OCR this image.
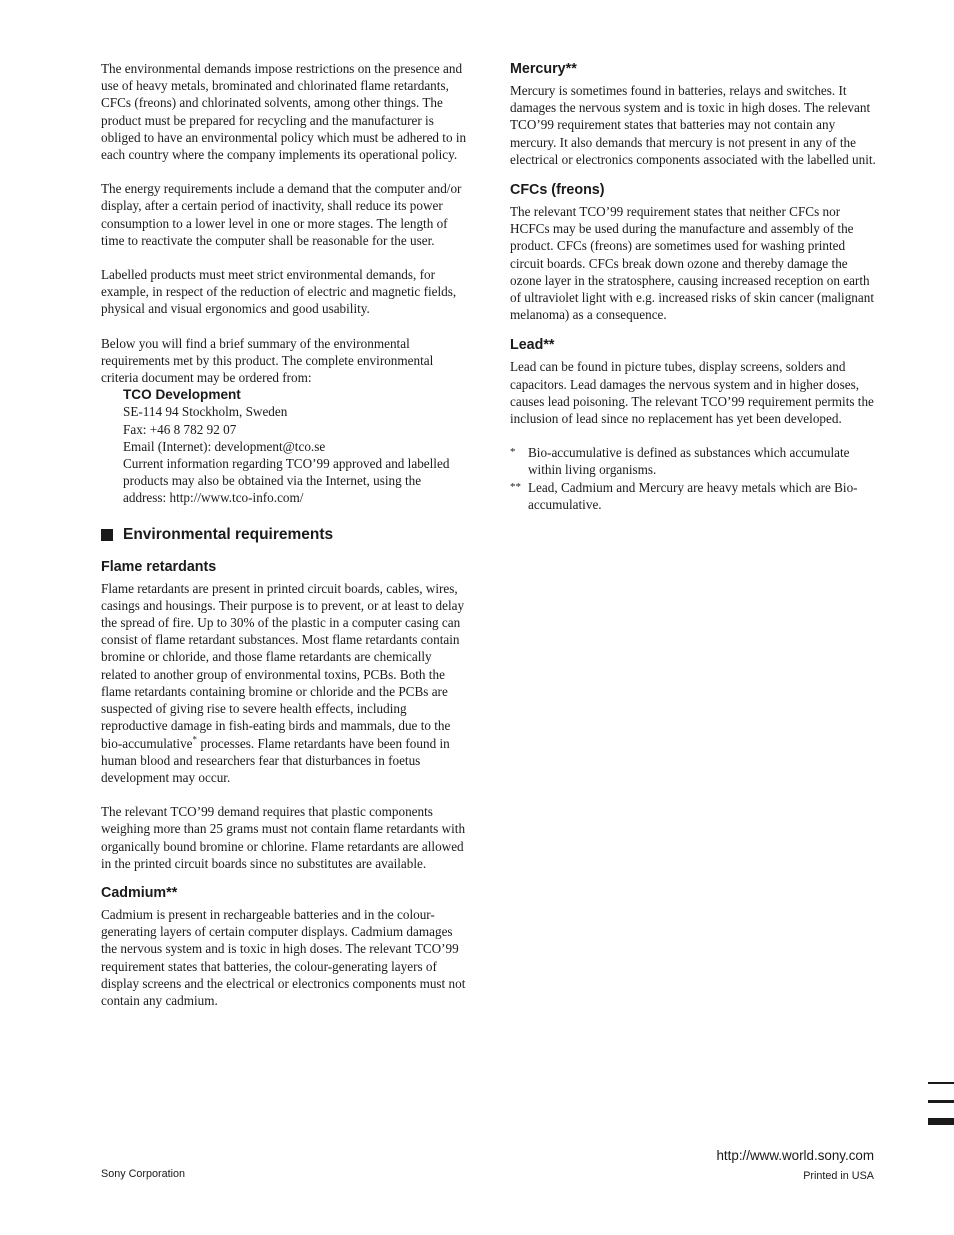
The environmental demands impose restrictions on the presence and use of heavy metals, brominated and chlorinated flame retardants, CFCs (freons) and chlorinated solvents, among other things. The product must be prepared for recycling and the manufacturer is obliged to have an environmental policy which must be adhered to in each country where the company implements its operational policy.

The energy requirements include a demand that the computer and/or display, after a certain period of inactivity, shall reduce its power consumption to a lower level in one or more stages. The length of time to reactivate the computer shall be reasonable for the user.

Labelled products must meet strict environmental demands, for example, in respect of the reduction of electric and magnetic fields, physical and visual ergonomics and good usability.

Below you will find a brief summary of the environmental requirements met by this product. The complete environmental criteria document may be ordered from:

TCO Development

SE-114 94 Stockholm, Sweden

Fax: +46 8 782 92 07

Email (Internet): development@tco.se

Current information regarding TCO’99 approved and labelled products may also be obtained via the Internet, using the address: http://www.tco-info.com/

Environmental requirements
Flame retardants

Flame retardants are present in printed circuit boards, cables, wires, casings and housings. Their purpose is to prevent, or at least to delay the spread of fire. Up to 30% of the plastic in a computer casing can consist of flame retardant substances. Most flame retardants contain bromine or chloride, and those flame retardants are chemically related to another group of environmental toxins, PCBs. Both the flame retardants containing bromine or chloride and the PCBs are suspected of giving rise to severe health effects, including reproductive damage in fish-eating birds and mammals, due to the bio-accumulative* processes. Flame retardants have been found in human blood and researchers fear that disturbances in foetus development may occur.

The relevant TCO’99 demand requires that plastic components weighing more than 25 grams must not contain flame retardants with organically bound bromine or chlorine. Flame retardants are allowed in the printed circuit boards since no substitutes are available.

Cadmium**

Cadmium is present in rechargeable batteries and in the colour-generating layers of certain computer displays. Cadmium damages the nervous system and is toxic in high doses. The relevant TCO’99 requirement states that batteries, the colour-generating layers of display screens and the electrical or electronics components must not contain any cadmium.

Mercury**

Mercury is sometimes found in batteries, relays and switches. It damages the nervous system and is toxic in high doses. The relevant TCO’99 requirement states that batteries may not contain any mercury. It also demands that mercury is not present in any of the electrical or electronics components associated with the labelled unit.

CFCs (freons)

The relevant TCO’99 requirement states that neither CFCs nor HCFCs may be used during the manufacture and assembly of the product. CFCs (freons) are sometimes used for washing printed circuit boards. CFCs break down ozone and thereby damage the ozone layer in the stratosphere, causing increased reception on earth of ultraviolet light with e.g. increased risks of skin cancer (malignant melanoma) as a consequence.

Lead**

Lead can be found in picture tubes, display screens, solders and capacitors. Lead damages the nervous system and in higher doses, causes lead poisoning. The relevant TCO’99 requirement permits the inclusion of lead since no replacement has yet been developed.

* Bio-accumulative is defined as substances which accumulate within living organisms.
** Lead, Cadmium and Mercury are heavy metals which are Bio-accumulative.
http://www.world.sony.com
Printed in USA
Sony Corporation
